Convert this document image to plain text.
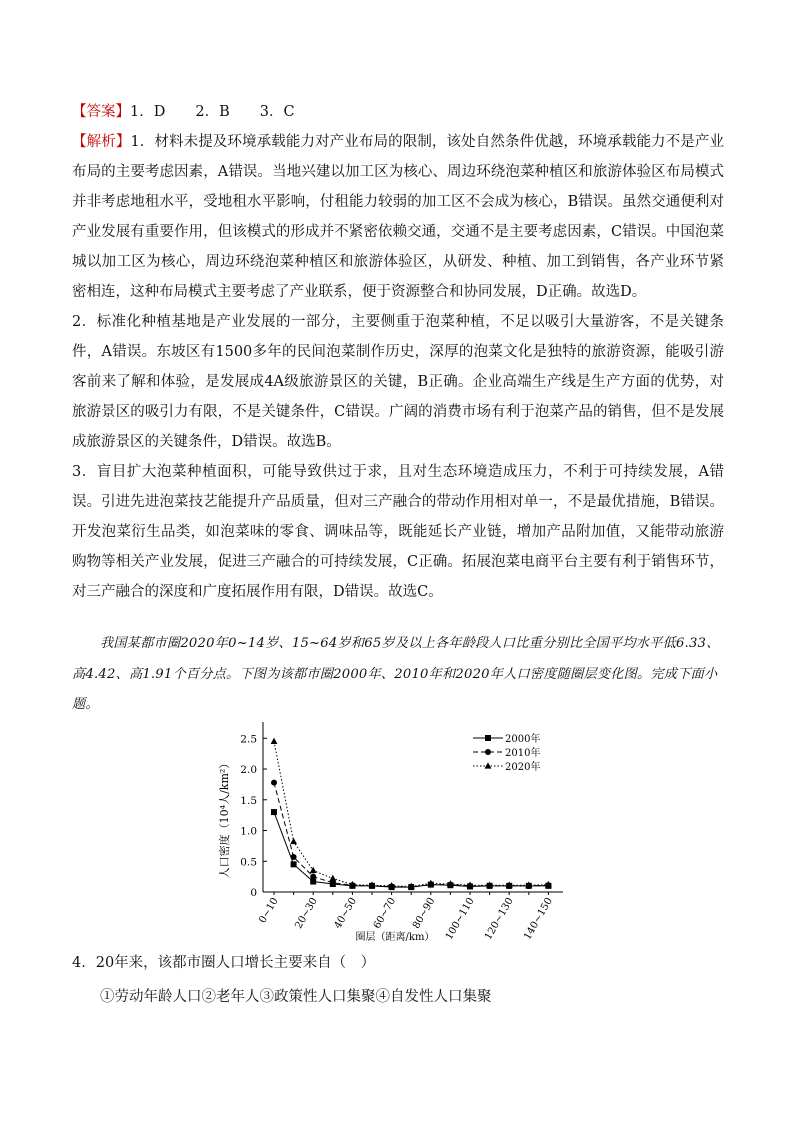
【答案】1．D 2．B 3．C

【解析】1．材料未提及环境承载能力对产业布局的限制，该处自然条件优越，环境承载能力不是产业布局的主要考虑因素，A错误。当地兴建以加工区为核心、周边环绕泡菜种植区和旅游体验区布局模式并非考虑地租水平，受地租水平影响，付租能力较弱的加工区不会成为核心，B错误。虽然交通便利对产业发展有重要作用，但该模式的形成并不紧密依赖交通，交通不是主要考虑因素，C错误。中国泡菜城以加工区为核心，周边环绕泡菜种植区和旅游体验区，从研发、种植、加工到销售，各产业环节紧密相连，这种布局模式主要考虑了产业联系，便于资源整合和协同发展，D正确。故选D。

2．标准化种植基地是产业发展的一部分，主要侧重于泡菜种植，不足以吸引大量游客，不是关键条件，A错误。东坡区有1500多年的民间泡菜制作历史，深厚的泡菜文化是独特的旅游资源，能吸引游客前来了解和体验，是发展成4A级旅游景区的关键，B正确。企业高端生产线是生产方面的优势，对旅游景区的吸引力有限，不是关键条件，C错误。广阔的消费市场有利于泡菜产品的销售，但不是发展成旅游景区的关键条件，D错误。故选B。

3．盲目扩大泡菜种植面积，可能导致供过于求，且对生态环境造成压力，不利于可持续发展，A错误。引进先进泡菜技艺能提升产品质量，但对三产融合的带动作用相对单一，不是最优措施，B错误。开发泡菜衍生品类，如泡菜味的零食、调味品等，既能延长产业链，增加产品附加值，又能带动旅游购物等相关产业发展，促进三产融合的可持续发展，C正确。拓展泡菜电商平台主要有利于销售环节，对三产融合的深度和广度拓展作用有限，D错误。故选C。

我国某都市圈2020年0~14岁、15~64岁和65岁及以上各年龄段人口比重分别比全国平均水平低6.33、高4.42、高1.91个百分点。下图为该都市圈2000年、2010年和2020年人口密度随圈层变化图。完成下面小题。
0
0.5
1.0
1.5
2.0
2.5
0~10 20~30 40~50 60~70 80~90 100~110 120~130 140~150
2000年
2010年
2020年
人口密度（10⁴人/km²）
圈层（距离/km）
4．20年来，该都市圈人口增长主要来自（　）
①劳动年龄人口②老年人③政策性人口集聚④自发性人口集聚
